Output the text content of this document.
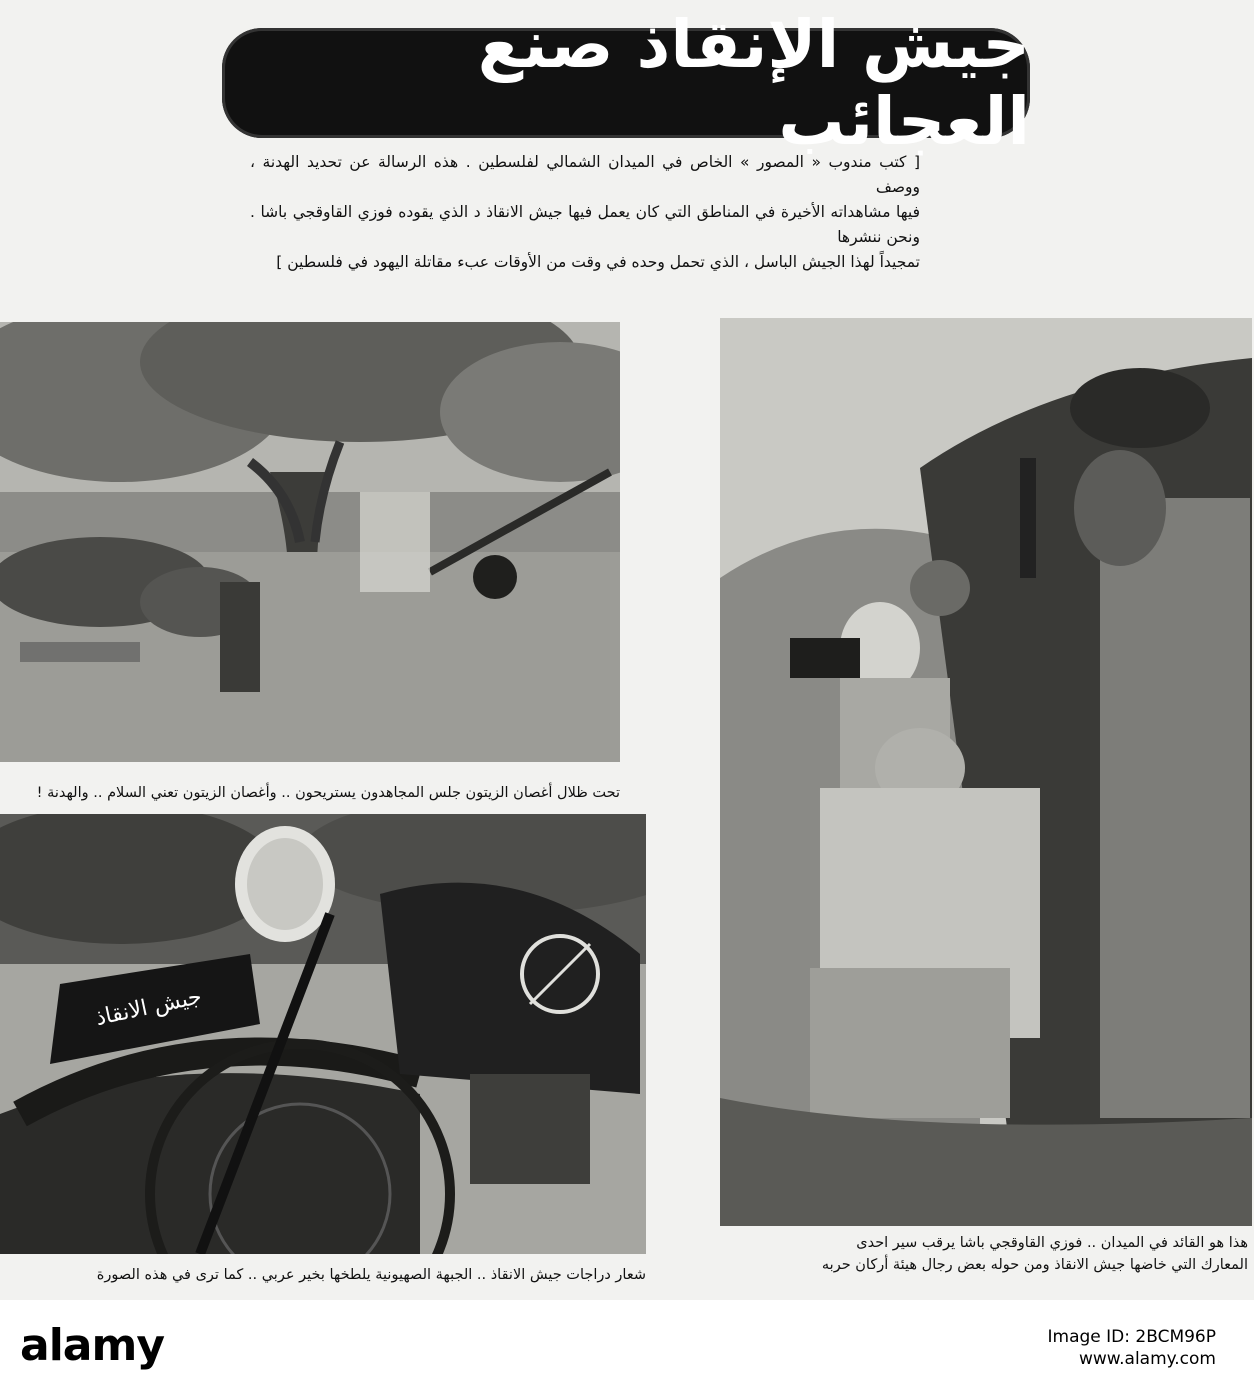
جيش الإنقاذ صنع العجائب
[ كتب مندوب « المصور » الخاص في الميدان الشمالي لفلسطين . هذه الرسالة عن تحديد الهدنة ، ووصف
فيها مشاهداته الأخيرة في المناطق التي كان يعمل فيها جيش الانقاذ د الذي يقوده فوزي القاوقجي باشا . ونحن ننشرها
تمجيداً لهذا الجيش الباسل ، الذي تحمل وحده في وقت من الأوقات عبء مقاتلة اليهود في فلسطين ]
تحت ظلال أغصان الزيتون جلس المجاهدون يستريحون .. وأغصان الزيتون تعني السلام .. والهدنة !
جيش الانقاذ
شعار دراجات جيش الانقاذ .. الجبهة الصهيونية يلطخها بخير عربي .. كما ترى في هذه الصورة
هذا هو القائد في الميدان .. فوزي القاوقجي باشا يرقب سير احدى
المعارك التي خاضها جيش الانقاذ ومن حوله بعض رجال هيئة أركان حربه
alamy	Image ID: 2BCM96P
www.alamy.com
